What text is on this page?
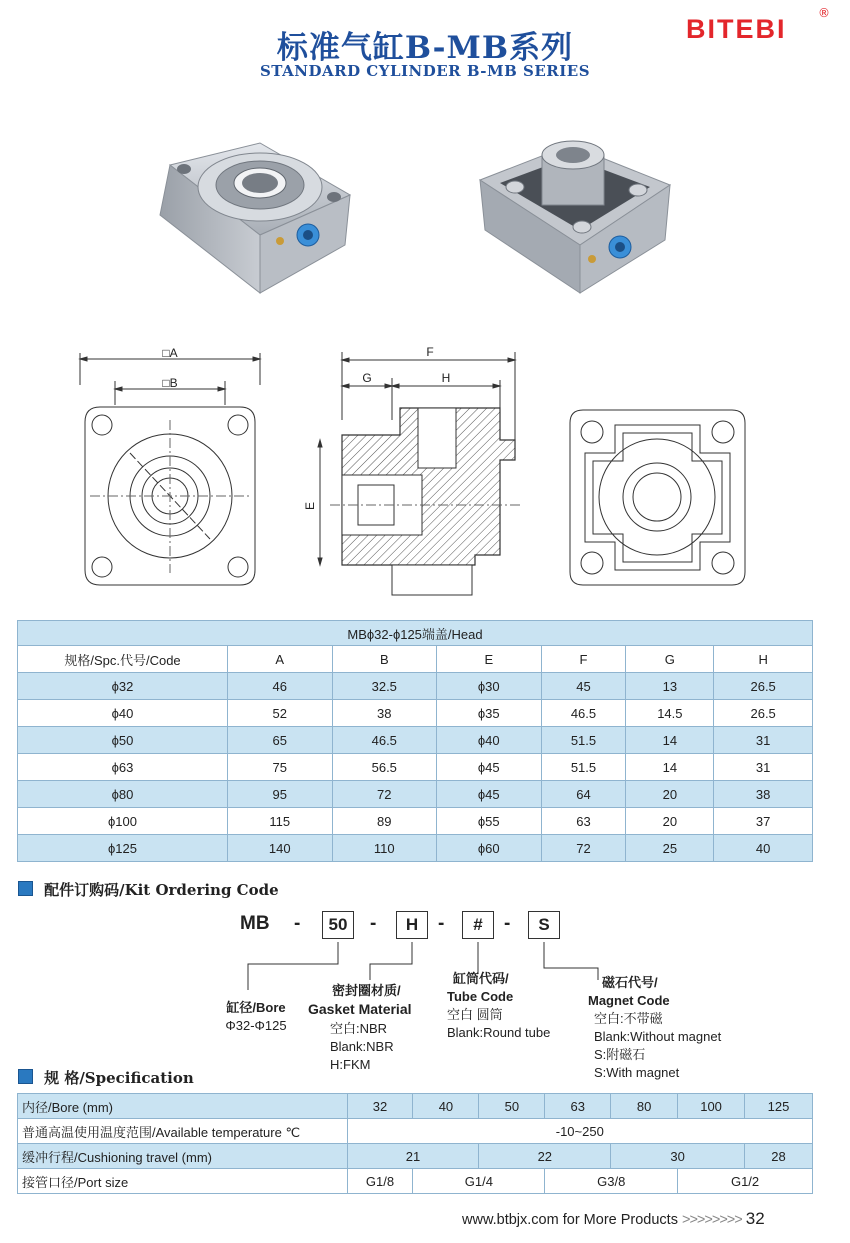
标准气缸B-MB系列
STANDARD CYLINDER B-MB SERIES
BITEBI
®
□A
□B
F
G	H
E
MBϕ32-ϕ125端盖/Head						
规格/Spc.代号/Code	A	B	E	F	G	H
ϕ32	46	32.5	ϕ30	45	13	26.5
ϕ40	52	38	ϕ35	46.5	14.5	26.5
ϕ50	65	46.5	ϕ40	51.5	14	31
ϕ63	75	56.5	ϕ45	51.5	14	31
ϕ80	95	72	ϕ45	64	20	38
ϕ100	115	89	ϕ55	63	20	37
ϕ125	140	110	ϕ60	72	25	40
配件订购码/Kit Ordering Code
MB -	50	-	H	-	#	-	S
缸径/Bore
Φ32-Φ125
密封圈材质/
Gasket Material
空白:NBR
Blank:NBR
H:FKM
缸筒代码/
Tube Code
空白 圆筒
Blank:Round tube
磁石代号/
Magnet Code
空白:不带磁
Blank:Without magnet
S:附磁石
S:With magnet
规 格/Specification
内径/Bore (mm)	32	40	50	63	80	100	125
普通高温使用温度范围/Available temperature ℃	-10~250						
缓冲行程/Cushioning travel (mm)	21		22		30		28
接管口径/Port size	G1/8	G1/4		G3/8		G1/2	
www.btbjx.com for More Products >>>>>>>> 32
